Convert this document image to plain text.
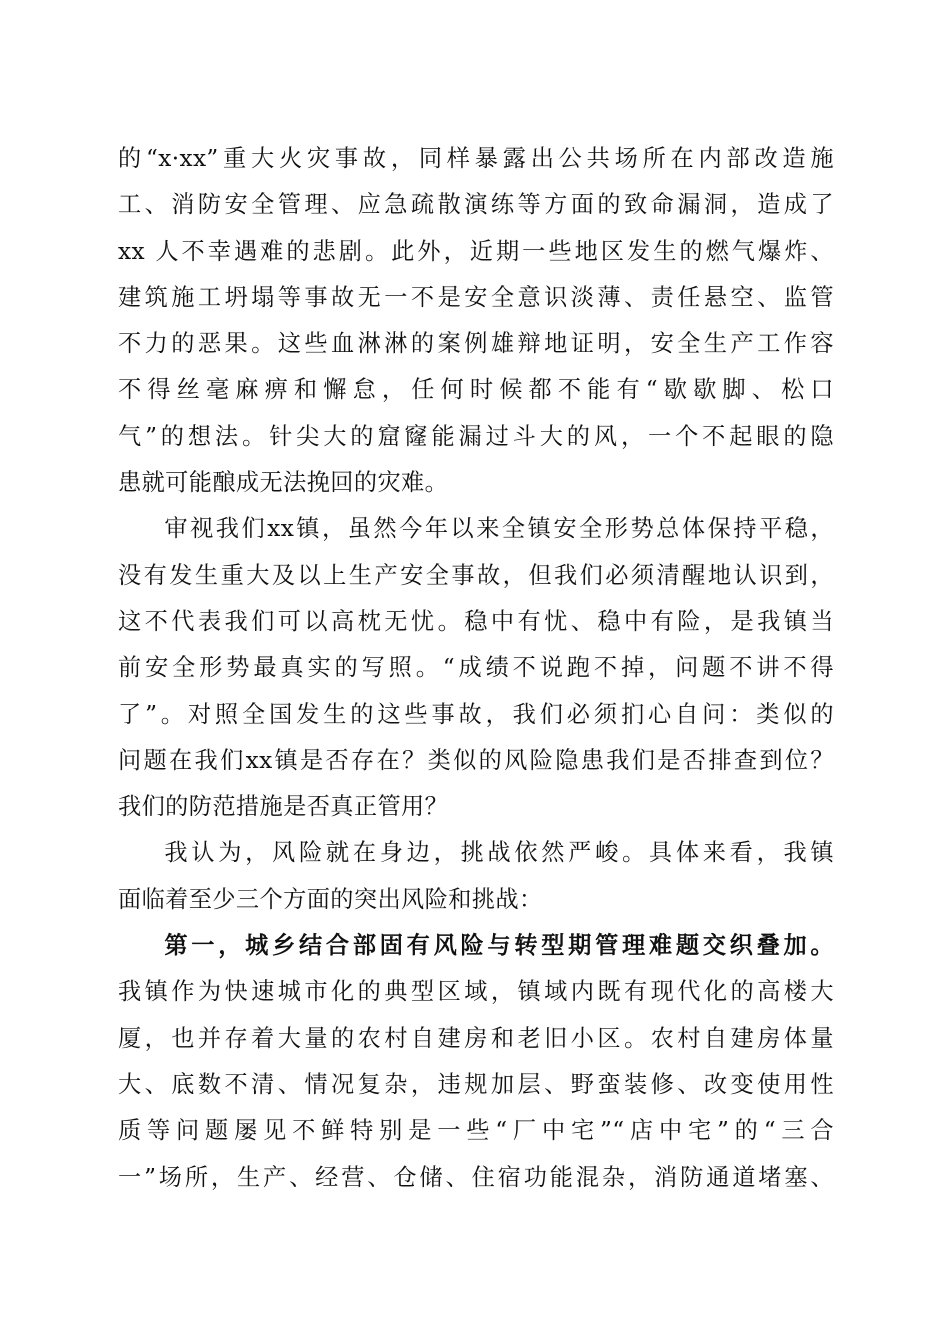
的“x·xx”重大火灾事故，同样暴露出公共场所在内部改造施

工、消防安全管理、应急疏散演练等方面的致命漏洞，造成了

xx 人不幸遇难的悲剧。此外，近期一些地区发生的燃气爆炸、

建筑施工坍塌等事故无一不是安全意识淡薄、责任悬空、监管

不力的恶果。这些血淋淋的案例雄辩地证明，安全生产工作容

不得丝毫麻痹和懈怠，任何时候都不能有“歇歇脚、松口

气”的想法。针尖大的窟窿能漏过斗大的风，一个不起眼的隐

患就可能酿成无法挽回的灾难。

审视我们xx镇，虽然今年以来全镇安全形势总体保持平稳，

没有发生重大及以上生产安全事故，但我们必须清醒地认识到，

这不代表我们可以高枕无忧。稳中有忧、稳中有险，是我镇当

前安全形势最真实的写照。“成绩不说跑不掉，问题不讲不得

了”。对照全国发生的这些事故，我们必须扪心自问：类似的

问题在我们xx镇是否存在？类似的风险隐患我们是否排查到位？

我们的防范措施是否真正管用？

我认为，风险就在身边，挑战依然严峻。具体来看，我镇

面临着至少三个方面的突出风险和挑战：

第一，城乡结合部固有风险与转型期管理难题交织叠加。

我镇作为快速城市化的典型区域，镇域内既有现代化的高楼大

厦，也并存着大量的农村自建房和老旧小区。农村自建房体量

大、底数不清、情况复杂，违规加层、野蛮装修、改变使用性

质等问题屡见不鲜特别是一些“厂中宅”“店中宅”的“三合

一”场所，生产、经营、仓储、住宿功能混杂，消防通道堵塞、
